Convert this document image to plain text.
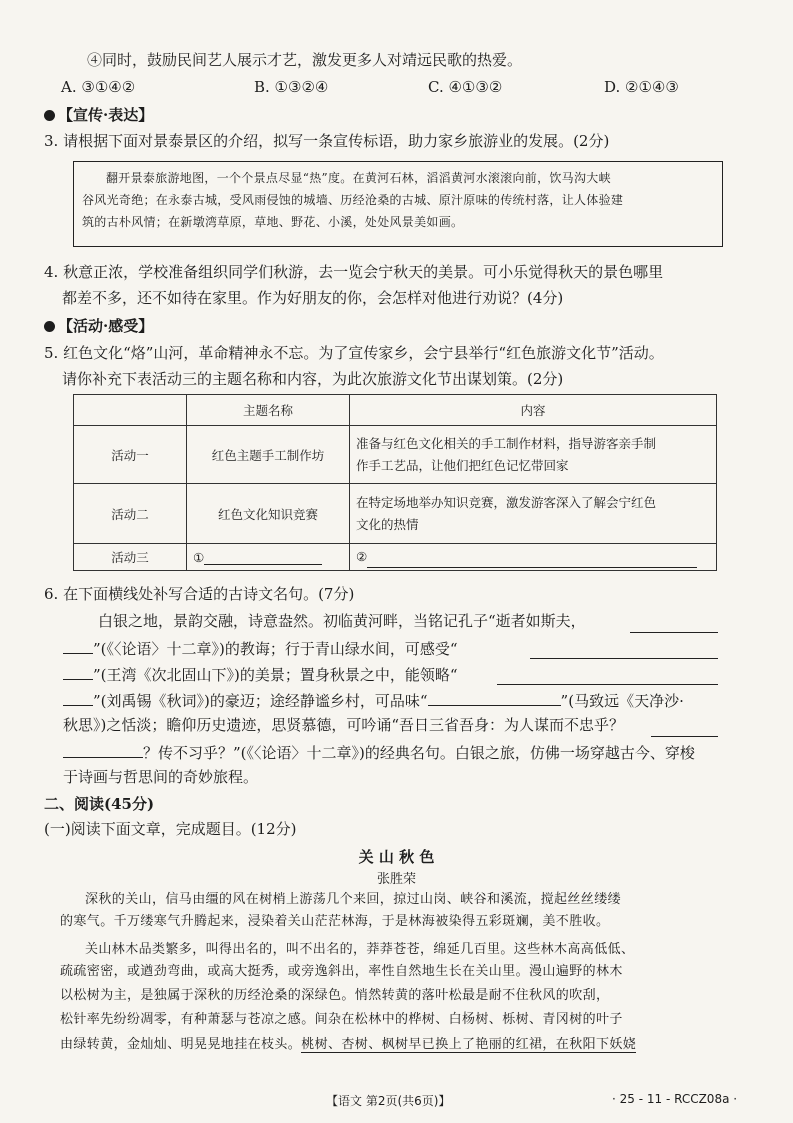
④同时，鼓励民间艺人展示才艺，激发更多人对靖远民歌的热爱。
A. ③①④②	B. ①③②④	C. ④①③②	D. ②①④③
【宣传·表达】
3. 请根据下面对景泰景区的介绍，拟写一条宣传标语，助力家乡旅游业的发展。(2分)
翻开景泰旅游地图，一个个景点尽显“热”度。在黄河石林，滔滔黄河水滚滚向前，饮马沟大峡
谷风光奇绝；在永泰古城，受风雨侵蚀的城墙、历经沧桑的古城、原汁原味的传统村落，让人体验建
筑的古朴风情；在新墩湾草原，草地、野花、小溪，处处风景美如画。
4. 秋意正浓，学校准备组织同学们秋游，去一览会宁秋天的美景。可小乐觉得秋天的景色哪里
都差不多，还不如待在家里。作为好朋友的你，会怎样对他进行劝说？(4分)
【活动·感受】
5. 红色文化“烙”山河，革命精神永不忘。为了宣传家乡，会宁县举行“红色旅游文化节”活动。
请你补充下表活动三的主题名称和内容，为此次旅游文化节出谋划策。(2分)
	主题名称	内容
活动一	红色主题手工制作坊	准备与红色文化相关的手工制作材料，指导游客亲手制
作手工艺品，让他们把红色记忆带回家

活动二	红色文化知识竞赛	在特定场地举办知识竞赛，激发游客深入了解会宁红色
文化的热情

活动三	①	②
6. 在下面横线处补写合适的古诗文名句。(7分)
白银之地，景韵交融，诗意盎然。初临黄河畔，当铭记孔子“逝者如斯夫，
”(《〈论语〉十二章》)的教诲；行于青山绿水间，可感受“
”(王湾《次北固山下》)的美景；置身秋景之中，能领略“
”(刘禹锡《秋词》)的豪迈；途经静谧乡村，可品味“	”(马致远《天净沙·
秋思》)之恬淡；瞻仰历史遗迹，思贤慕德，可吟诵“吾日三省吾身：为人谋而不忠乎？
？传不习乎？”(《〈论语〉十二章》)的经典名句。白银之旅，仿佛一场穿越古今、穿梭
于诗画与哲思间的奇妙旅程。
二、阅读(45分)
(一)阅读下面文章，完成题目。(12分)
关 山 秋 色
张胜荣
深秋的关山，信马由缰的风在树梢上游荡几个来回，掠过山岗、峡谷和溪流，搅起丝丝缕缕
的寒气。千万缕寒气升腾起来，浸染着关山茫茫林海，于是林海被染得五彩斑斓，美不胜收。
关山林木品类繁多，叫得出名的，叫不出名的，莽莽苍苍，绵延几百里。这些林木高高低低、
疏疏密密，或遒劲弯曲，或高大挺秀，或旁逸斜出，率性自然地生长在关山里。漫山遍野的林木
以松树为主，是独属于深秋的历经沧桑的深绿色。悄然转黄的落叶松最是耐不住秋风的吹刮，
松针率先纷纷凋零，有种萧瑟与苍凉之感。间杂在松林中的桦树、白杨树、栎树、青冈树的叶子
由绿转黄，金灿灿、明晃晃地挂在枝头。桃树、杏树、枫树早已换上了艳丽的红裙，在秋阳下妖娆
【语文 第2页(共6页)】	· 25 - 11 - RCCZ08a ·
